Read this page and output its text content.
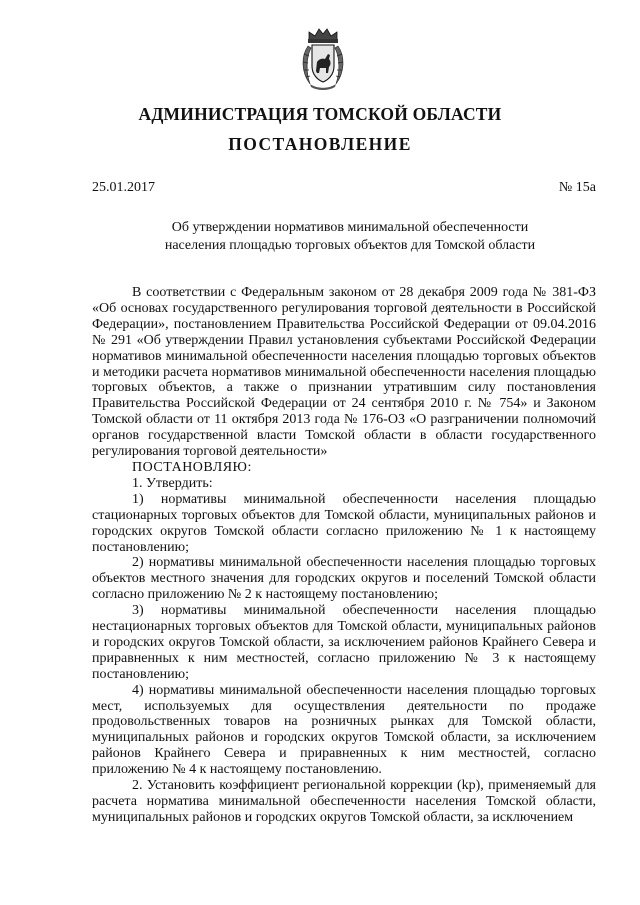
АДМИНИСТРАЦИЯ ТОМСКОЙ ОБЛАСТИ
ПОСТАНОВЛЕНИЕ
25.01.2017	№ 15а
Об утверждении нормативов минимальной обеспеченности
населения площадью торговых объектов для Томской области

В соответствии с Федеральным законом от 28 декабря 2009 года № 381-ФЗ «Об основах государственного регулирования торговой деятельности в Российской Федерации», постановлением Правительства Российской Федерации от 09.04.2016 № 291 «Об утверждении Правил установления субъектами Российской Федерации нормативов минимальной обеспеченности населения площадью торговых объектов и методики расчета нормативов минимальной обеспеченности населения площадью торговых объектов, а также о признании утратившим силу постановления Правительства Российской Федерации от 24 сентября 2010 г. № 754» и Законом Томской области от 11 октября 2013 года № 176-ОЗ «О разграничении полномочий органов государственной власти Томской области в области государственного регулирования торговой деятельности»

ПОСТАНОВЛЯЮ:

1. Утвердить:

1) нормативы минимальной обеспеченности населения площадью стационарных торговых объектов для Томской области, муниципальных районов и городских округов Томской области согласно приложению № 1 к настоящему постановлению;

2) нормативы минимальной обеспеченности населения площадью торговых объектов местного значения для городских округов и поселений Томской области согласно приложению № 2 к настоящему постановлению;

3) нормативы минимальной обеспеченности населения площадью нестационарных торговых объектов для Томской области, муниципальных районов и городских округов Томской области, за исключением районов Крайнего Севера и приравненных к ним местностей, согласно приложению № 3 к настоящему постановлению;

4) нормативы минимальной обеспеченности населения площадью торговых мест, используемых для осуществления деятельности по продаже продовольственных товаров на розничных рынках для Томской области, муниципальных районов и городских округов Томской области, за исключением районов Крайнего Севера и приравненных к ним местностей, согласно приложению № 4 к настоящему постановлению.

2. Установить коэффициент региональной коррекции (kр), применяемый для расчета норматива минимальной обеспеченности населения Томской области, муниципальных районов и городских округов Томской области, за исключением
